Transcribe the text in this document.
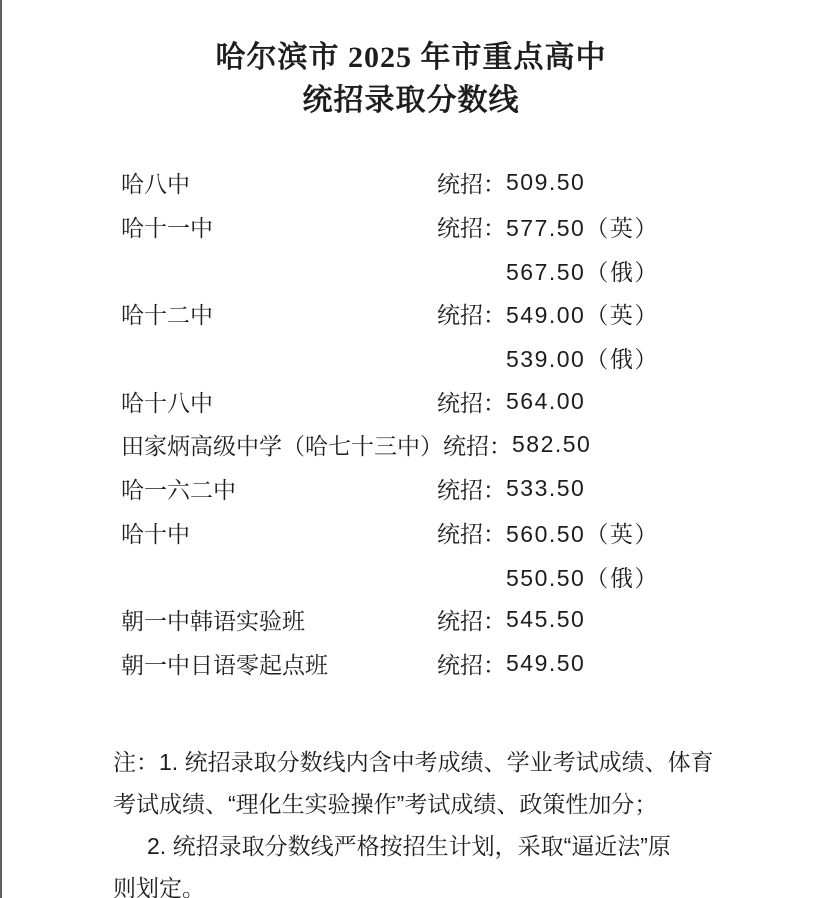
哈尔滨市 2025 年市重点高中
统招录取分数线
哈八中	统招： 509.50
哈十一中	统招： 577.50（英）
567.50（俄）
哈十二中	统招： 549.00（英）
539.00（俄）
哈十八中	统招： 564.00
田家炳高级中学（哈七十三中） 统招： 582.50
哈一六二中	统招： 533.50
哈十中	统招： 560.50（英）
550.50（俄）
朝一中韩语实验班	统招： 545.50
朝一中日语零起点班	统招： 549.50
注：1. 统招录取分数线内含中考成绩、学业考试成绩、体育
考试成绩、“理化生实验操作”考试成绩、政策性加分；
2. 统招录取分数线严格按招生计划，采取“逼近法”原
则划定。
